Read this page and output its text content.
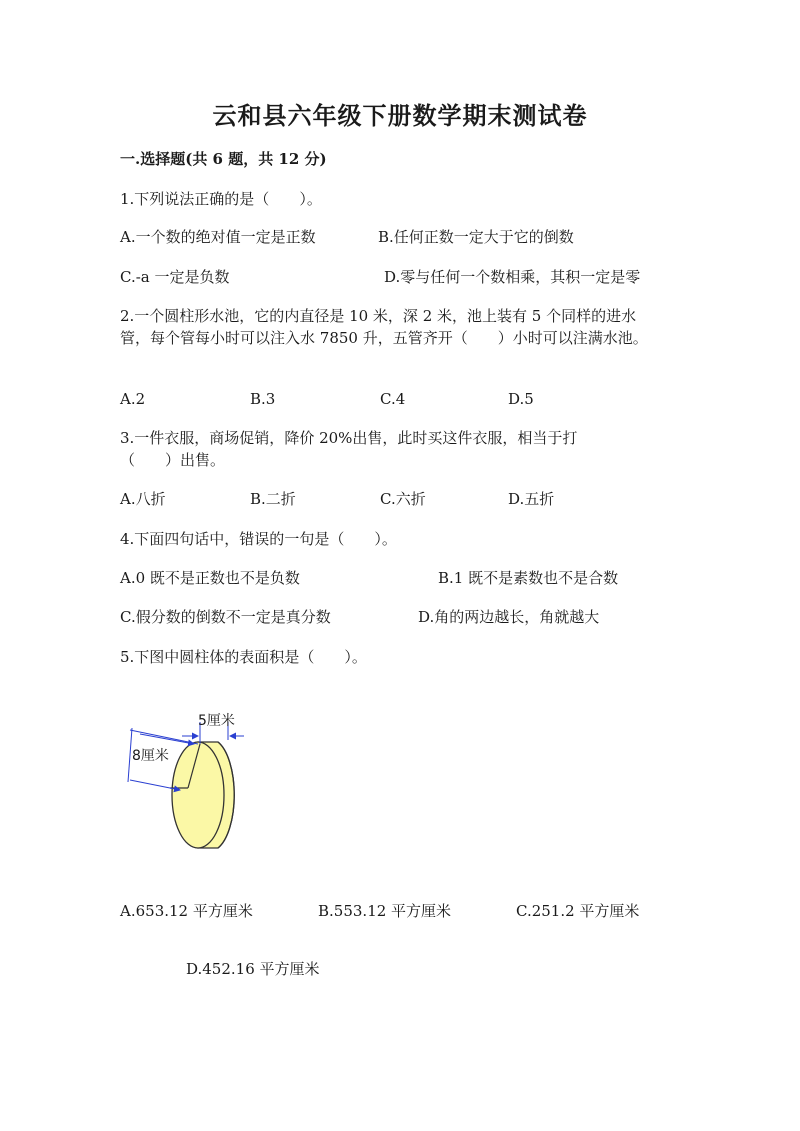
云和县六年级下册数学期末测试卷
一.选择题(共 6 题，共 12 分)
1.下列说法正确的是（　　）。
A.一个数的绝对值一定是正数	B.任何正数一定大于它的倒数
C.-a 一定是负数	D.零与任何一个数相乘，其积一定是零
2.一个圆柱形水池，它的内直径是 10 米，深 2 米，池上装有 5 个同样的进水管，每个管每小时可以注入水 7850 升，五管齐开（　　）小时可以注满水池。
A.2	B.3	C.4	D.5
3.一件衣服，商场促销，降价 20%出售，此时买这件衣服，相当于打
（　　）出售。
A.八折	B.二折	C.六折	D.五折
4.下面四句话中，错误的一句是（　　）。
A.0 既不是正数也不是负数	B.1 既不是素数也不是合数
C.假分数的倒数不一定是真分数	D.角的两边越长，角就越大
5.下图中圆柱体的表面积是（　　）。
5厘米
8厘米
A.653.12 平方厘米	B.553.12 平方厘米	C.251.2 平方厘米
D.452.16 平方厘米
